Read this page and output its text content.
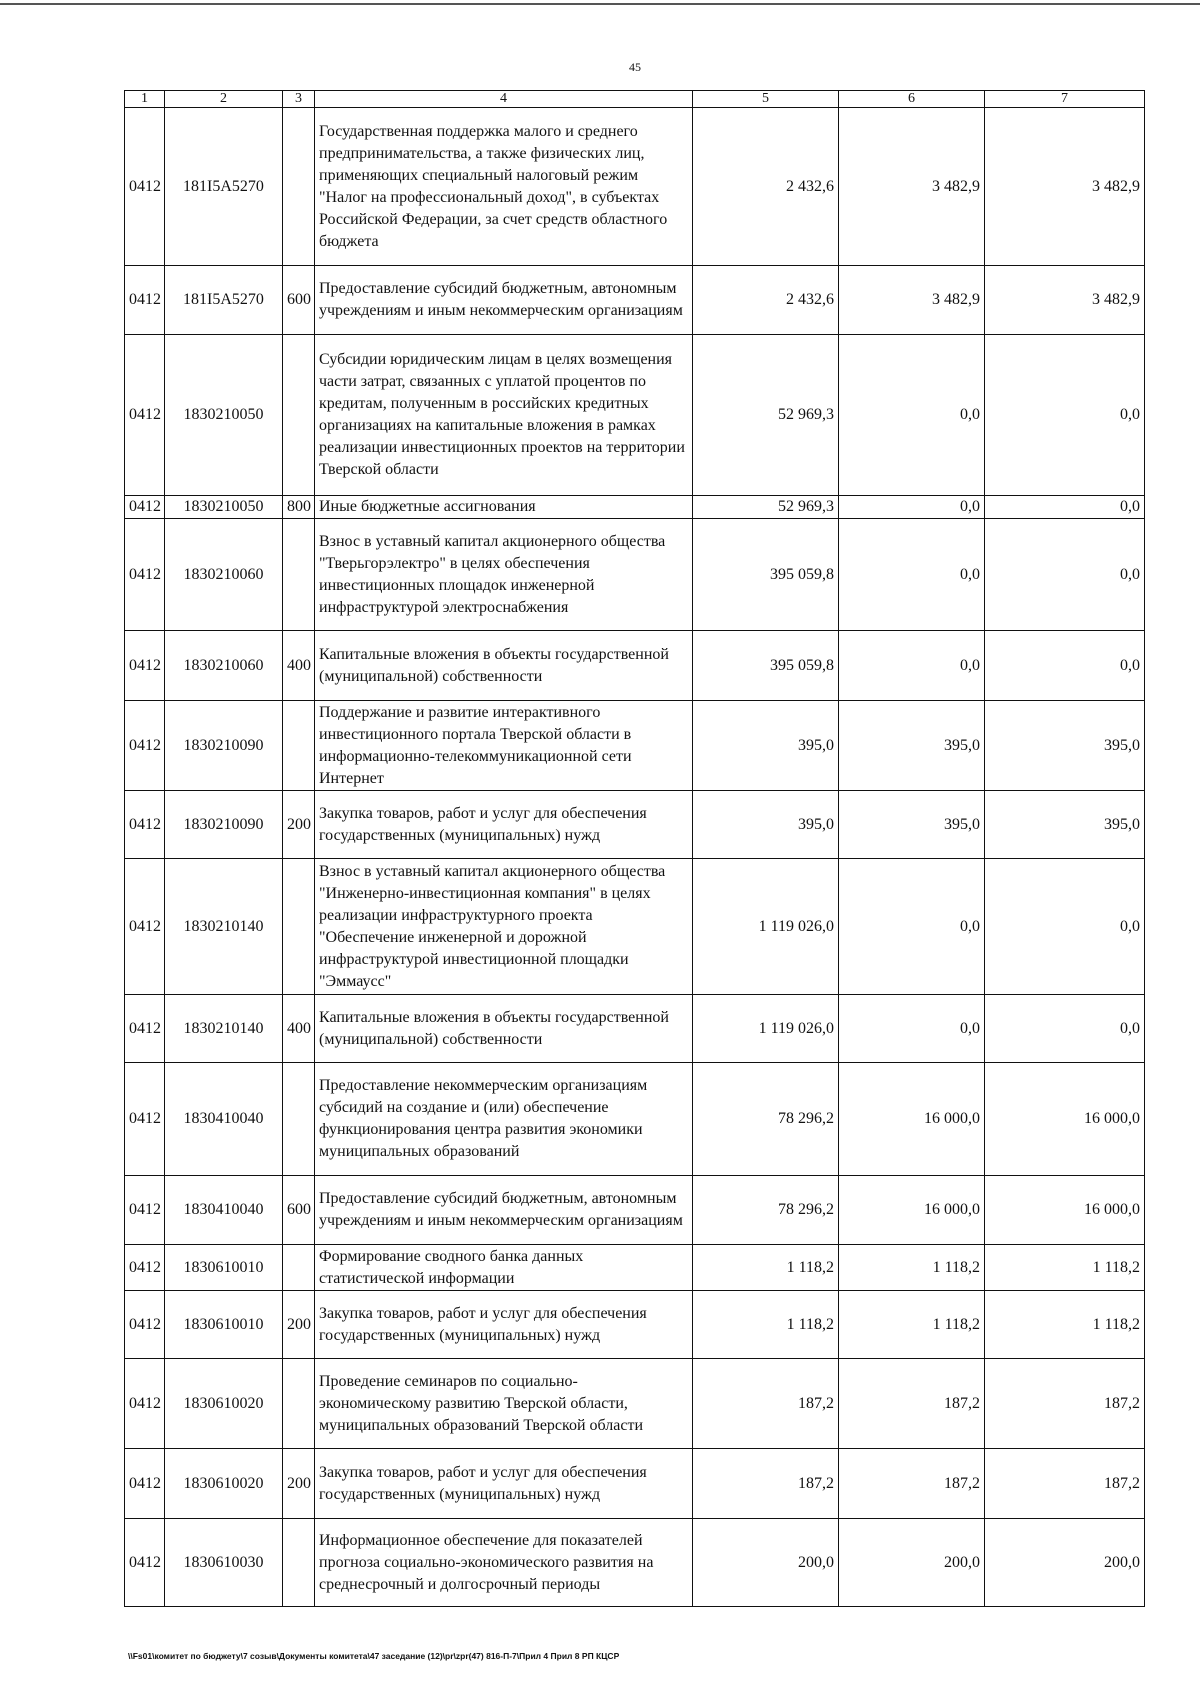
45
1	2	3	4	5	6	7
0412	181I5A5270		Государственная поддержка малого и среднего предпринимательства, а также физических лиц, применяющих специальный налоговый режим "Налог на профессиональный доход", в субъектах Российской Федерации, за счет средств областного бюджета	2 432,6	3 482,9	3 482,9
0412	181I5A5270	600	Предоставление субсидий бюджетным, автономным учреждениям и иным некоммерческим организациям	2 432,6	3 482,9	3 482,9
0412	1830210050		Субсидии юридическим лицам в целях возмещения части затрат, связанных с уплатой процентов по кредитам, полученным в российских кредитных организациях на капитальные вложения в рамках реализации инвестиционных проектов на территории Тверской области	52 969,3	0,0	0,0
0412	1830210050	800	Иные бюджетные ассигнования	52 969,3	0,0	0,0
0412	1830210060		Взнос в уставный капитал акционерного общества "Тверьгорэлектро" в целях обеспечения инвестиционных площадок инженерной инфраструктурой электроснабжения	395 059,8	0,0	0,0
0412	1830210060	400	Капитальные вложения в объекты государственной (муниципальной) собственности	395 059,8	0,0	0,0
0412	1830210090		Поддержание и развитие интерактивного инвестиционного портала Тверской области в информационно-телекоммуникационной сети Интернет	395,0	395,0	395,0
0412	1830210090	200	Закупка товаров, работ и услуг для обеспечения государственных (муниципальных) нужд	395,0	395,0	395,0
0412	1830210140		Взнос в уставный капитал акционерного общества "Инженерно-инвестиционная компания" в целях реализации инфраструктурного проекта "Обеспечение инженерной и дорожной инфраструктурой инвестиционной площадки "Эммаусс"	1 119 026,0	0,0	0,0
0412	1830210140	400	Капитальные вложения в объекты государственной (муниципальной) собственности	1 119 026,0	0,0	0,0
0412	1830410040		Предоставление некоммерческим организациям субсидий на создание и (или) обеспечение функционирования центра развития экономики муниципальных образований	78 296,2	16 000,0	16 000,0
0412	1830410040	600	Предоставление субсидий бюджетным, автономным учреждениям и иным некоммерческим организациям	78 296,2	16 000,0	16 000,0
0412	1830610010		Формирование сводного банка данных статистической информации	1 118,2	1 118,2	1 118,2
0412	1830610010	200	Закупка товаров, работ и услуг для обеспечения государственных (муниципальных) нужд	1 118,2	1 118,2	1 118,2
0412	1830610020		Проведение семинаров по социально-экономическому развитию Тверской области, муниципальных образований Тверской области	187,2	187,2	187,2
0412	1830610020	200	Закупка товаров, работ и услуг для обеспечения государственных (муниципальных) нужд	187,2	187,2	187,2
0412	1830610030		Информационное обеспечение для показателей прогноза социально-экономического развития на среднесрочный и долгосрочный периоды	200,0	200,0	200,0
\\Fs01\комитет по бюджету\7 созыв\Документы комитета\47 заседание (12)\pr\zpr(47) 816-П-7\Прил 4 Прил 8 РП КЦСР
